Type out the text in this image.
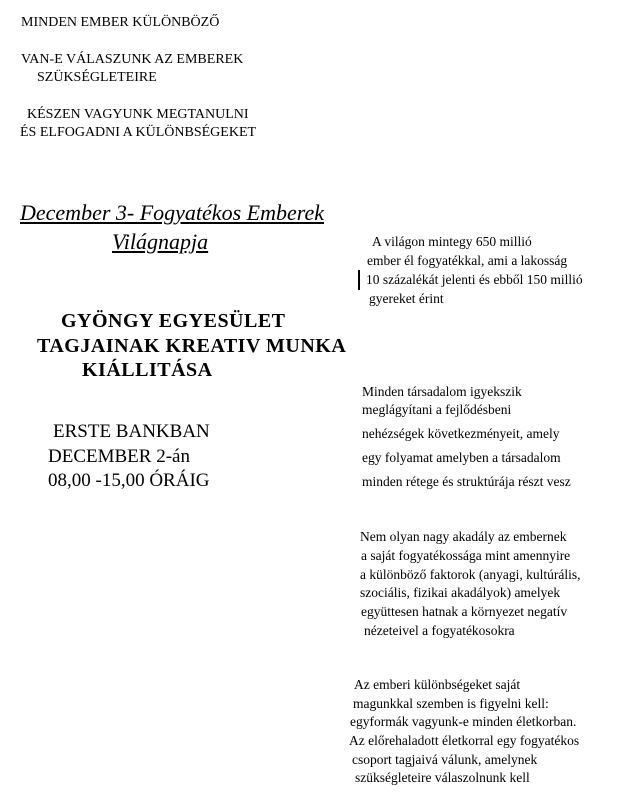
MINDEN EMBER KÜLÖNBÖZŐ
VAN-E VÁLASZUNK AZ EMBEREK
SZÜKSÉGLETEIRE
KÉSZEN VAGYUNK MEGTANULNI
ÉS ELFOGADNI A KÜLÖNBSÉGEKET
December 3- Fogyatékos Emberek
Világnapja
GYÖNGY EGYESÜLET
TAGJAINAK KREATIV MUNKA
KIÁLLITÁSA
ERSTE BANKBAN
DECEMBER 2-án
08,00 -15,00 ÓRÁIG
A világon mintegy 650 millió
ember él fogyatékkal, ami a lakosság
10 százalékát jelenti és ebből 150 millió
gyereket érint
Minden társadalom igyekszik
meglágyítani a fejlődésbeni
nehézségek következményeit, amely
egy folyamat amelyben a társadalom
minden rétege és struktúrája részt vesz
Nem olyan nagy akadály az embernek
a saját fogyatékossága mint amennyire
a különböző faktorok (anyagi, kultúrális,
szociális, fizikai akadályok) amelyek
együttesen hatnak a környezet negatív
nézeteivel a fogyatékosokra
Az emberi különbségeket saját
magunkkal szemben is figyelni kell:
egyformák vagyunk-e minden életkorban.
Az előrehaladott életkorral egy fogyatékos
csoport tagjaivá válunk, amelynek
szükségleteire válaszolnunk kell
